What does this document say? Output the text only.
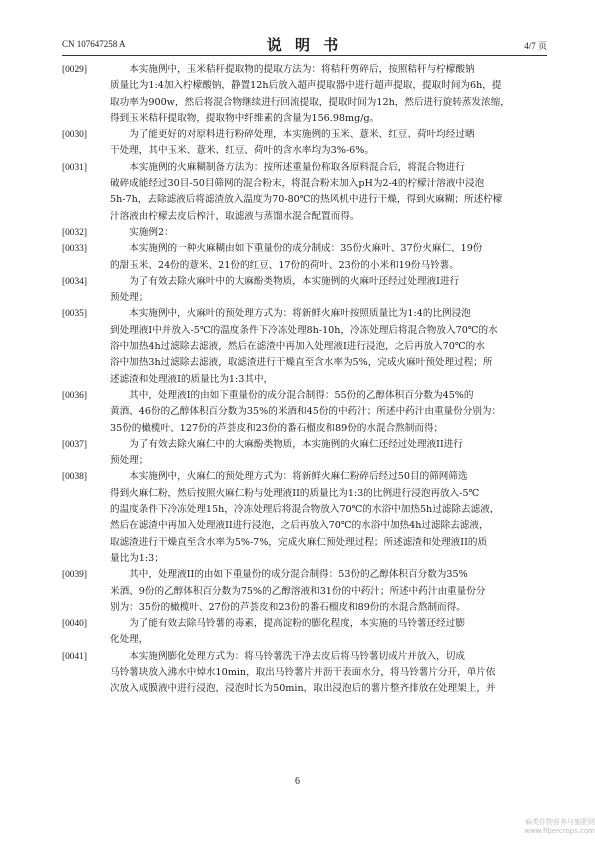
CN 107647258 A	说 明 书	4/7 页
[0029]	　　本实施例中，玉米秸秆提取物的提取方法为：将秸秆剪碎后，按照秸秆与柠檬酸钠
质量比为1:4加入柠檬酸钠，静置12h后放入超声提取器中进行超声提取，提取时间为6h，提
取功率为900w，然后将混合物继续进行回流提取，提取时间为12h，然后进行旋转蒸发浓缩，
得到玉米秸秆提取物，提取物中纤维素的含量为156.98mg/g。
[0030]	　　为了能更好的对原料进行粉碎处理，本实施例的玉米、薏米、红豆、荷叶均经过晒
干处理，其中玉米、薏米、红豆、荷叶的含水率均为3%-6%。
[0031]	　　本实施例的火麻糊制备方法为：按所述重量份称取各原料混合后，将混合物进行
破碎成能经过30目-50目筛网的混合粉末，将混合粉末加入pH为2-4的柠檬汁溶液中浸泡
5h-7h，去除滤液后将滤渣放入温度为70-80℃的热风机中进行干燥，得到火麻糊；所述柠檬
汁溶液由柠檬去皮后榨汁，取滤液与蒸馏水混合配置而得。
[0032]	　　实施例2：
[0033]	　　本实施例的一种火麻糊由如下重量份的成分制成：35份火麻叶、37份火麻仁、19份
的甜玉米、24份的薏米、21份的红豆、17份的荷叶、23份的小米和19份马铃薯。
[0034]	　　为了有效去除火麻叶中的大麻酚类物质，本实施例的火麻叶还经过处理液I进行
预处理；
[0035]	　　本实施例中，火麻叶的预处理方式为：将新鲜火麻叶按照质量比为1:4的比例浸泡
到处理液I中并放入-5℃的温度条件下冷冻处理8h-10h，冷冻处理后将混合物放入70℃的水
浴中加热4h过滤除去滤液，然后在滤渣中再加入处理液I进行浸泡，之后再放入70℃的水
浴中加热3h过滤除去滤液，取滤渣进行干燥直至含水率为5%，完成火麻叶预处理过程；所
述滤渣和处理液I的质量比为1:3其中，
[0036]	　　其中，处理液I的由如下重量份的成分混合制得：55份的乙醇体积百分数为45%的
黄酒、46份的乙醇体积百分数为35%的米酒和45份的中药汁；所述中药汁由重量份分别为：
35份的橄榄叶、127份的芦荟皮和23份的番石榴皮和89份的水混合熬制而得；
[0037]	　　为了有效去除火麻仁中的大麻酚类物质，本实施例的火麻仁还经过处理液II进行
预处理；
[0038]	　　本实施例中，火麻仁的预处理方式为：将新鲜火麻仁粉碎后经过50目的筛网筛选
得到火麻仁粉，然后按照火麻仁粉与处理液II的质量比为1:3的比例进行浸泡再放入-5℃
的温度条件下冷冻处理15h，冷冻处理后将混合物放入70℃的水浴中加热5h过滤除去滤液，
然后在滤渣中再加入处理液II进行浸泡，之后再放入70℃的水浴中加热4h过滤除去滤液，
取滤渣进行干燥直至含水率为5%-7%，完成火麻仁预处理过程；所述滤渣和处理液II的质
量比为1:3；
[0039]	　　其中，处理液II的由如下重量份的成分混合制得：53份的乙醇体积百分数为35%
米酒、9份的乙醇体积百分数为75%的乙醇溶液和31份的中药汁；所述中药汁由重量份分
别为：35份的橄榄叶、27份的芦荟皮和23份的番石榴皮和89份的水混合熬制而得。
[0040]	　　为了能有效去除马铃薯的毒素，提高淀粉的膨化程度，本实施的马铃薯还经过膨
化处理，
[0041]	　　本实施例膨化处理方式为：将马铃薯洗干净去皮后将马铃薯切成片并放入，切成
马铃薯块放入沸水中焯水10min，取出马铃薯片并沥干表面水分，将马铃薯片分开，单片依
次放入成膜液中进行浸泡，浸泡时长为50min，取出浸泡后的薯片整齐排放在处理架上，并
6
麻类作物营养与施肥网
www.fibercrops.com
